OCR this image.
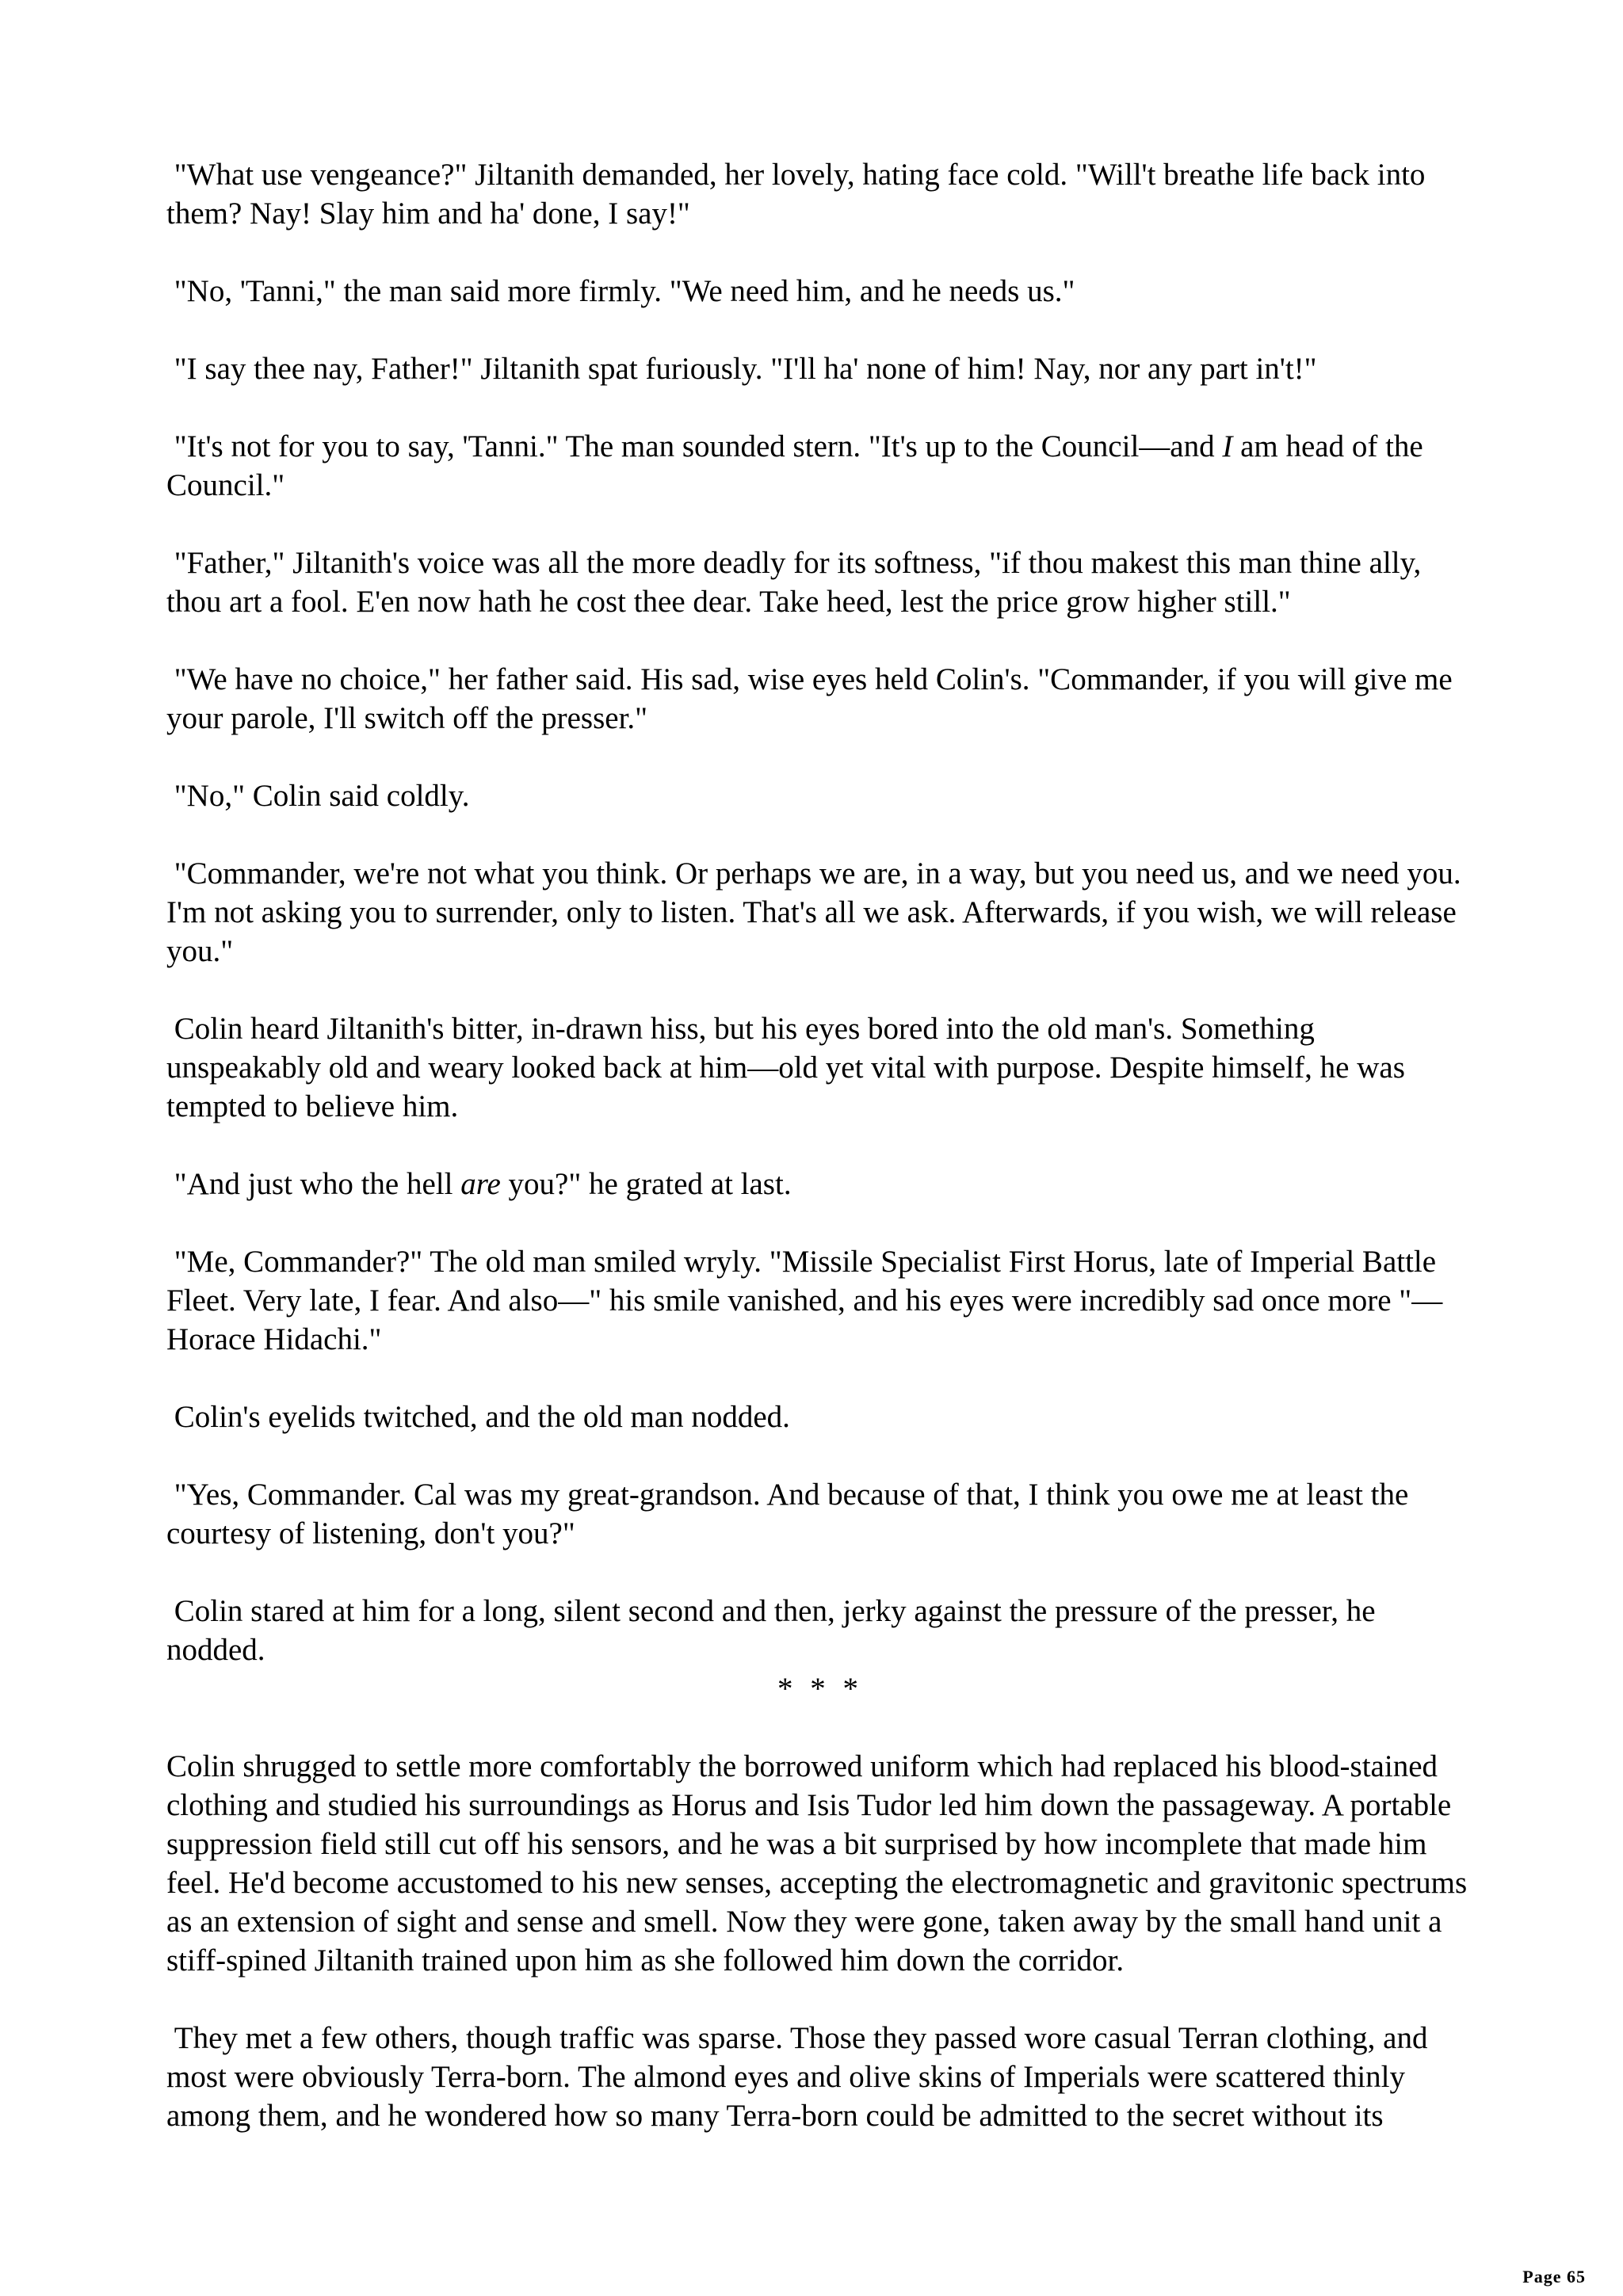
"What use vengeance?" Jiltanith demanded, her lovely, hating face cold. "Will't breathe life back into them? Nay! Slay him and ha' done, I say!"

"No, 'Tanni," the man said more firmly. "We need him, and he needs us."

"I say thee nay, Father!" Jiltanith spat furiously. "I'll ha' none of him! Nay, nor any part in't!"

"It's not for you to say, 'Tanni." The man sounded stern. "It's up to the Council—and I am head of the Council."

"Father," Jiltanith's voice was all the more deadly for its softness, "if thou makest this man thine ally, thou art a fool. E'en now hath he cost thee dear. Take heed, lest the price grow higher still."

"We have no choice," her father said. His sad, wise eyes held Colin's. "Commander, if you will give me your parole, I'll switch off the presser."

"No," Colin said coldly.

"Commander, we're not what you think. Or perhaps we are, in a way, but you need us, and we need you. I'm not asking you to surrender, only to listen. That's all we ask. Afterwards, if you wish, we will release you."

Colin heard Jiltanith's bitter, in-drawn hiss, but his eyes bored into the old man's. Something unspeakably old and weary looked back at him—old yet vital with purpose. Despite himself, he was tempted to believe him.

"And just who the hell are you?" he grated at last.

"Me, Commander?" The old man smiled wryly. "Missile Specialist First Horus, late of Imperial Battle Fleet. Very late, I fear. And also—" his smile vanished, and his eyes were incredibly sad once more "—Horace Hidachi."

Colin's eyelids twitched, and the old man nodded.

"Yes, Commander. Cal was my great-grandson. And because of that, I think you owe me at least the courtesy of listening, don't you?"

Colin stared at him for a long, silent second and then, jerky against the pressure of the presser, he nodded.

* * *

Colin shrugged to settle more comfortably the borrowed uniform which had replaced his blood-stained clothing and studied his surroundings as Horus and Isis Tudor led him down the passageway. A portable suppression field still cut off his sensors, and he was a bit surprised by how incomplete that made him feel. He'd become accustomed to his new senses, accepting the electromagnetic and gravitonic spectrums as an extension of sight and sense and smell. Now they were gone, taken away by the small hand unit a stiff-spined Jiltanith trained upon him as she followed him down the corridor.

They met a few others, though traffic was sparse. Those they passed wore casual Terran clothing, and most were obviously Terra-born. The almond eyes and olive skins of Imperials were scattered thinly among them, and he wondered how so many Terra-born could be admitted to the secret without its

Page 65
